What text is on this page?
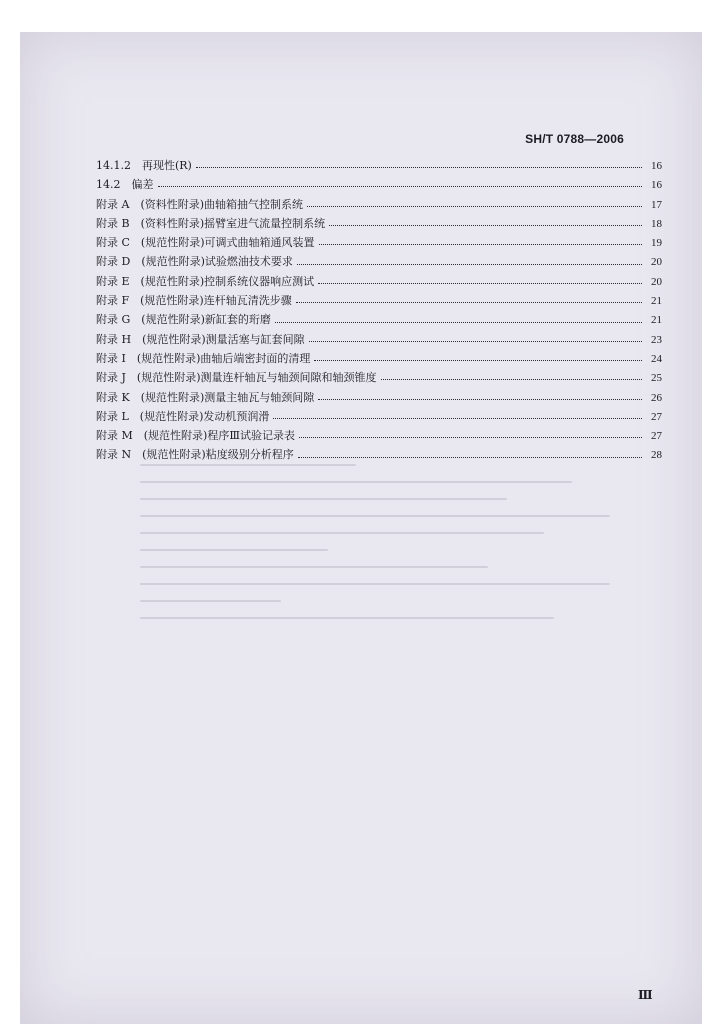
SH/T 0788—2006
14.1.2　再现性(R)	16
14.2　偏差	16
附录 A　(资料性附录)曲轴箱抽气控制系统	17
附录 B　(资料性附录)摇臂室进气流量控制系统	18
附录 C　(规范性附录)可调式曲轴箱通风装置	19
附录 D　(规范性附录)试验燃油技术要求	20
附录 E　(规范性附录)控制系统仪器响应测试	20
附录 F　(规范性附录)连杆轴瓦清洗步骤	21
附录 G　(规范性附录)新缸套的珩磨	21
附录 H　(规范性附录)测量活塞与缸套间隙	23
附录 I　(规范性附录)曲轴后端密封面的清理	24
附录 J　(规范性附录)测量连杆轴瓦与轴颈间隙和轴颈锥度	25
附录 K　(规范性附录)测量主轴瓦与轴颈间隙	26
附录 L　(规范性附录)发动机预润滑	27
附录 M　(规范性附录)程序Ⅲ试验记录表	27
附录 N　(规范性附录)粘度级别分析程序	28
Ⅲ
